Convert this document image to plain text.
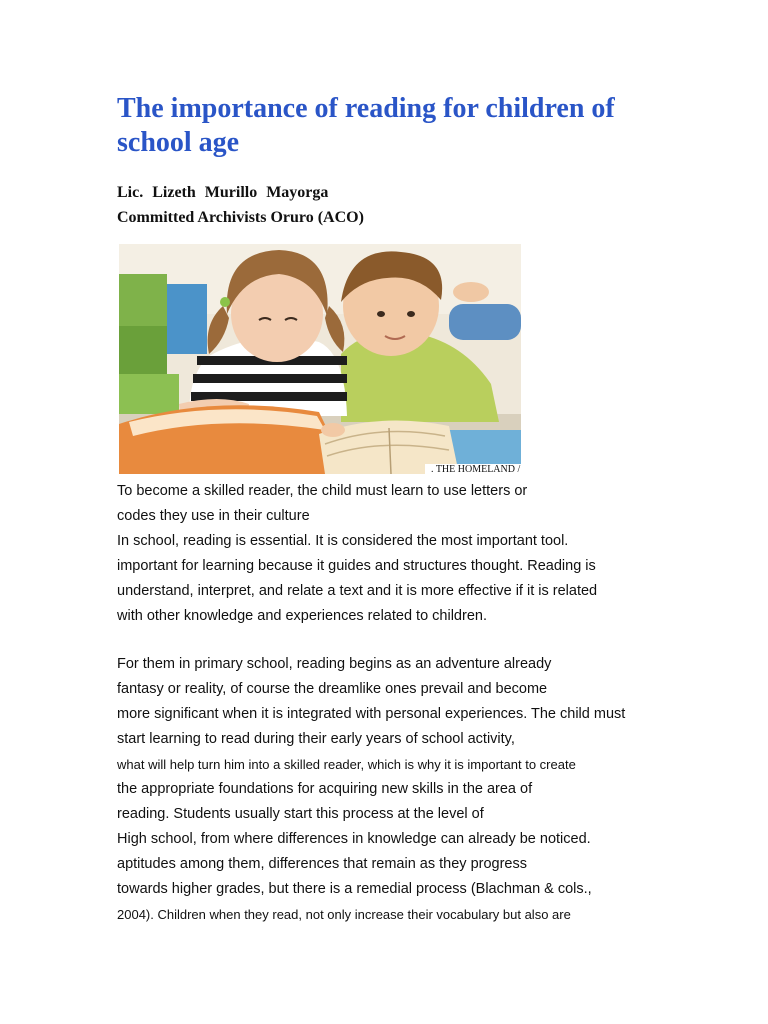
The importance of reading for children of school age

Lic. Lizeth Murillo Mayorga

Committed Archivists Oruro (ACO)

. THE HOMELAND /
To become a skilled reader, the child must learn to use letters or
codes they use in their culture
In school, reading is essential. It is considered the most important tool.
important for learning because it guides and structures thought. Reading is
understand, interpret, and relate a text and it is more effective if it is related
with other knowledge and experiences related to children.
For them in primary school, reading begins as an adventure already
fantasy or reality, of course the dreamlike ones prevail and become
more significant when it is integrated with personal experiences. The child must
start learning to read during their early years of school activity,
what will help turn him into a skilled reader, which is why it is important to create
the appropriate foundations for acquiring new skills in the area of
reading. Students usually start this process at the level of
High school, from where differences in knowledge can already be noticed.
aptitudes among them, differences that remain as they progress
towards higher grades, but there is a remedial process (Blachman & cols.,
2004). Children when they read, not only increase their vocabulary but also are
